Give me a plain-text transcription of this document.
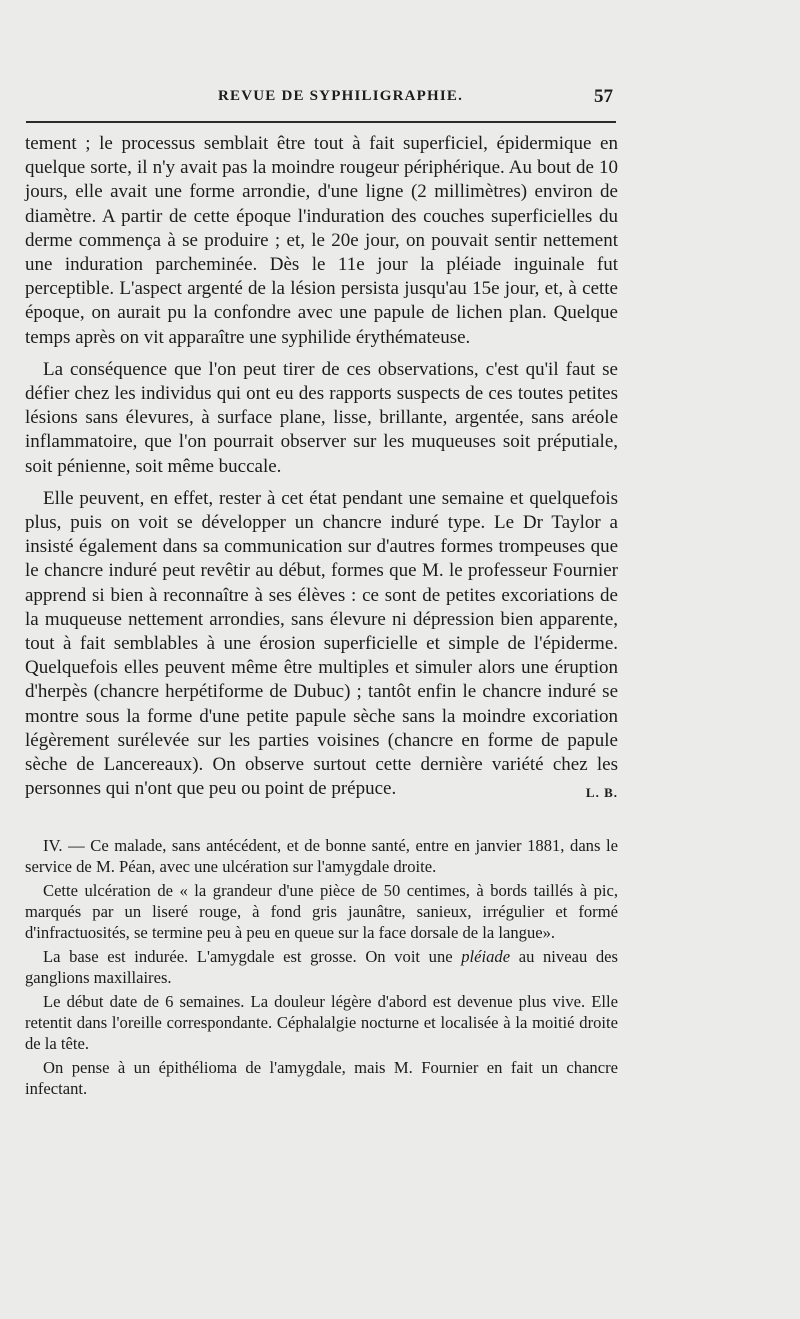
REVUE DE SYPHILIGRAPHIE.	57

tement ; le processus semblait être tout à fait superficiel, épidermique en quelque sorte, il n'y avait pas la moindre rougeur périphérique. Au bout de 10 jours, elle avait une forme arrondie, d'une ligne (2 millimètres) environ de diamètre. A partir de cette époque l'induration des couches superficielles du derme commença à se produire ; et, le 20e jour, on pouvait sentir nettement une induration parcheminée. Dès le 11e jour la pléiade inguinale fut perceptible. L'aspect argenté de la lésion persista jusqu'au 15e jour, et, à cette époque, on aurait pu la confondre avec une papule de lichen plan. Quelque temps après on vit apparaître une syphilide érythémateuse.

La conséquence que l'on peut tirer de ces observations, c'est qu'il faut se défier chez les individus qui ont eu des rapports suspects de ces toutes petites lésions sans élevures, à surface plane, lisse, brillante, argentée, sans aréole inflammatoire, que l'on pourrait observer sur les muqueuses soit préputiale, soit pénienne, soit même buccale.

Elle peuvent, en effet, rester à cet état pendant une semaine et quelquefois plus, puis on voit se développer un chancre induré type. Le Dr Taylor a insisté également dans sa communication sur d'autres formes trompeuses que le chancre induré peut revêtir au début, formes que M. le professeur Fournier apprend si bien à reconnaître à ses élèves : ce sont de petites excoriations de la muqueuse nettement arrondies, sans élevure ni dépression bien apparente, tout à fait semblables à une érosion superficielle et simple de l'épiderme. Quelquefois elles peuvent même être multiples et simuler alors une éruption d'herpès (chancre herpétiforme de Dubuc) ; tantôt enfin le chancre induré se montre sous la forme d'une petite papule sèche sans la moindre excoriation légèrement surélevée sur les parties voisines (chancre en forme de papule sèche de Lancereaux). On observe surtout cette dernière variété chez les personnes qui n'ont que peu ou point de prépuce.	L. B.

IV. — Ce malade, sans antécédent, et de bonne santé, entre en janvier 1881, dans le service de M. Péan, avec une ulcération sur l'amygdale droite.

Cette ulcération de « la grandeur d'une pièce de 50 centimes, à bords taillés à pic, marqués par un liseré rouge, à fond gris jaunâtre, sanieux, irrégulier et formé d'infractuosités, se termine peu à peu en queue sur la face dorsale de la langue».

La base est indurée. L'amygdale est grosse. On voit une pléiade au niveau des ganglions maxillaires.

Le début date de 6 semaines. La douleur légère d'abord est devenue plus vive. Elle retentit dans l'oreille correspondante. Céphalalgie nocturne et localisée à la moitié droite de la tête.

On pense à un épithélioma de l'amygdale, mais M. Fournier en fait un chancre infectant.
